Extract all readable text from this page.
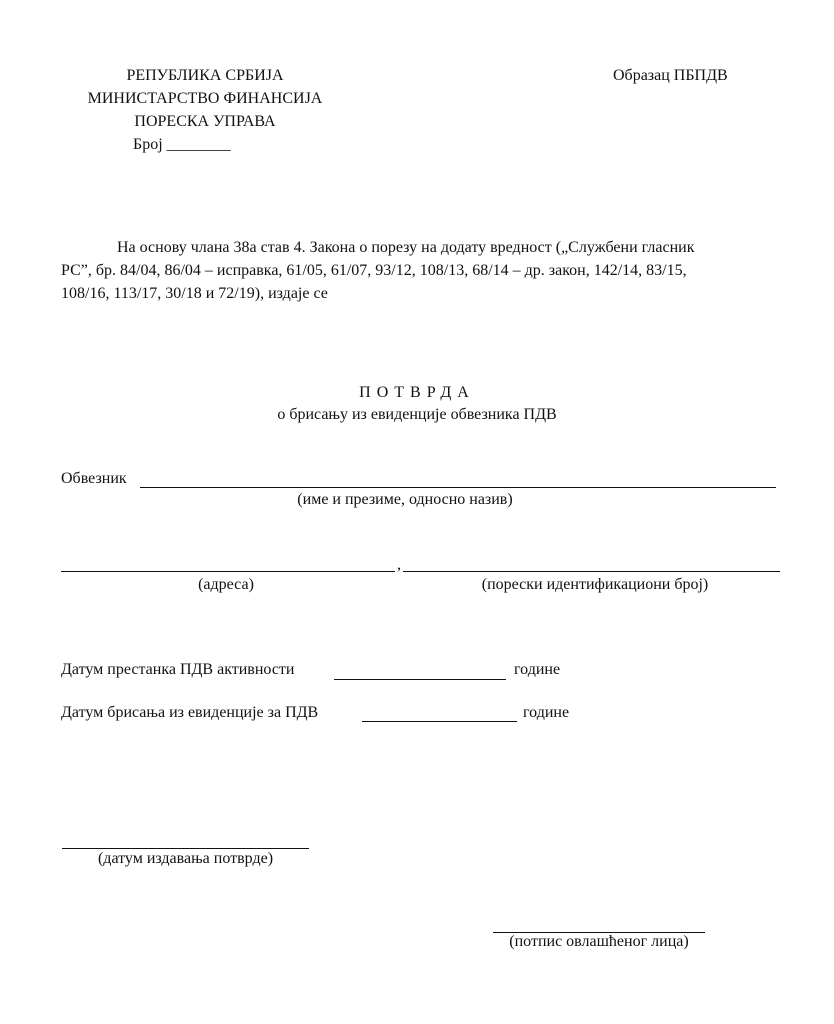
РЕПУБЛИКА СРБИЈА
МИНИСТАРСТВО ФИНАНСИЈА
ПОРЕСКА УПРАВА
Број ________
Образац ПБПДВ
На основу члана 38а став 4. Закона о порезу на додату вредност („Службени гласник
РС”, бр. 84/04, 86/04 – исправка, 61/05, 61/07, 93/12, 108/13, 68/14 – др. закон, 142/14, 83/15,
108/16, 113/17, 30/18 и 72/19), издаје се
ПОТВРДА
о брисању из евиденције обвезника ПДВ
Обвезник
(име и презиме, односно назив)
,
(адреса)	(порески идентификациони број)
Датум престанка ПДВ активности	године
Датум брисања из евиденције за ПДВ	године
(датум издавања потврде)
(потпис овлашћеног лица)
